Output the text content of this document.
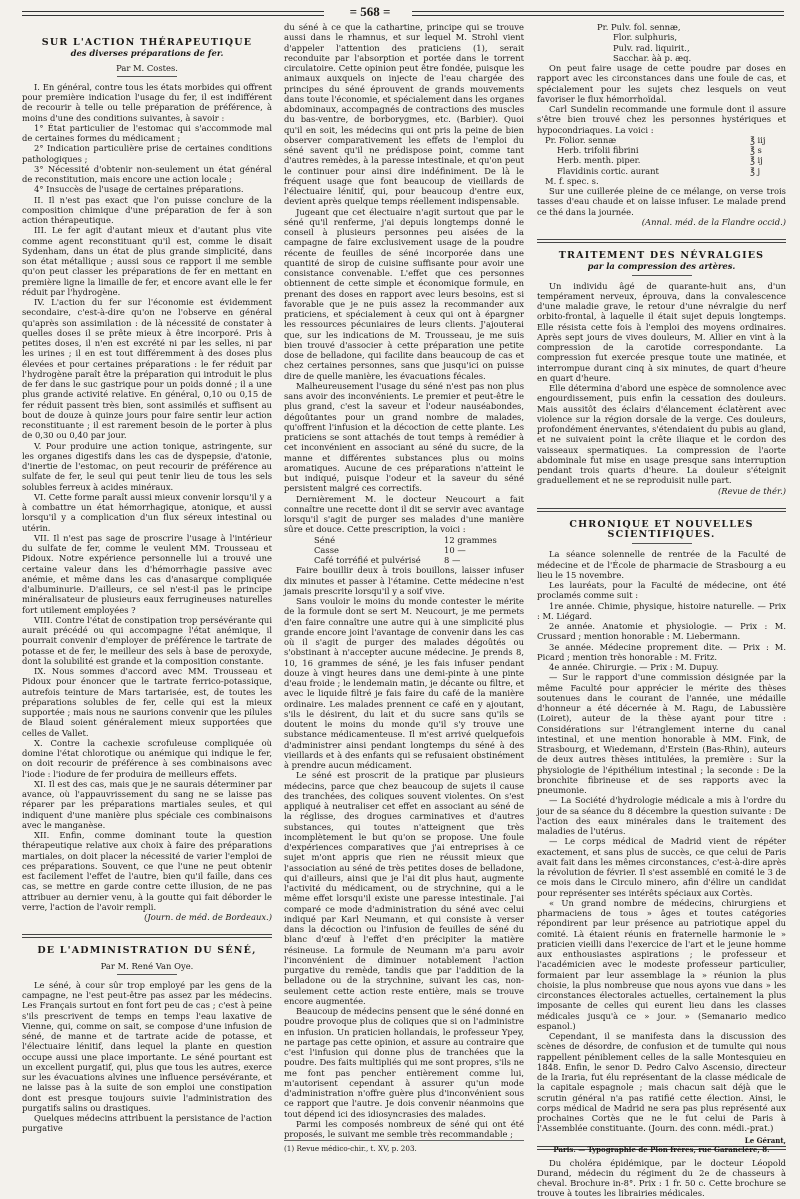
= 568 =

SUR L'ACTION THÉRAPEUTIQUE

des diverses préparations de fer.

Par M. Costes.

I. En général, contre tous les états morbides qui offrent pour première indication l'usage du fer, il est indifférent de recourir à telle ou telle préparation de préférence, à moins d'une des conditions suivantes, à savoir :

1° État particulier de l'estomac qui s'accommode mal de certaines formes du médicament ;

2° Indication particulière prise de certaines conditions pathologiques ;

3° Nécessité d'obtenir non-seulement un état général de reconstitution, mais encore une action locale ;

4° Insuccès de l'usage de certaines préparations.

II. Il n'est pas exact que l'on puisse conclure de la composition chimique d'une préparation de fer à son action thérapeutique.

III. Le fer agit d'autant mieux et d'autant plus vite comme agent reconstituant qu'il est, comme le disait Sydenham, dans un état de plus grande simplicité, dans son état métallique ; aussi sous ce rapport il me semble qu'on peut classer les préparations de fer en mettant en première ligne la limaille de fer, et encore avant elle le fer réduit par l'hydrogène.

IV. L'action du fer sur l'économie est évidemment secondaire, c'est-à-dire qu'on ne l'observe en général qu'après son assimilation : de là nécessité de constater à quelles doses il se prête mieux à être incorporé. Pris à petites doses, il n'en est excrété ni par les selles, ni par les urines ; il en est tout différemment à des doses plus élevées et pour certaines préparations : le fer réduit par l'hydrogène paraît être la préparation qui introduit le plus de fer dans le suc gastrique pour un poids donné ; il a une plus grande activité relative. En général, 0,10 ou 0,15 de fer réduit passent très bien, sont assimilés et suffisent au bout de douze à quinze jours pour faire sentir leur action reconstituante ; il est rarement besoin de le porter à plus de 0,30 ou 0,40 par jour.

V. Pour produire une action tonique, astringente, sur les organes digestifs dans les cas de dyspepsie, d'atonie, d'inertie de l'estomac, on peut recourir de préférence au sulfate de fer, le seul qui peut tenir lieu de tous les sels solubles ferreux à acides minéraux.

VI. Cette forme paraît aussi mieux convenir lorsqu'il y a à combattre un état hémorrhagique, atonique, et aussi lorsqu'il y a complication d'un flux séreux intestinal ou utérin.

VII. Il n'est pas sage de proscrire l'usage à l'intérieur du sulfate de fer, comme le veulent MM. Trousseau et Pidoux. Notre expérience personnelle lui a trouvé une certaine valeur dans les d'hémorrhagie passive avec anémie, et même dans les cas d'anasarque compliquée d'albuminurie. D'ailleurs, ce sel n'est-il pas le principe minéralisateur de plusieurs eaux ferrugineuses naturelles fort utilement employées ?

VIII. Contre l'état de constipation trop persévérante qui aurait précédé ou qui accompagne l'état anémique, il pourrait convenir d'employer de préférence le tartrate de potasse et de fer, le meilleur des sels à base de peroxyde, dont la solubilité est grande et la composition constante.

IX. Nous sommes d'accord avec MM. Trousseau et Pidoux pour énoncer que le tartrate ferrico-potassique, autrefois teinture de Mars tartarisée, est, de toutes les préparations solubles de fer, celle qui est la mieux supportée ; mais nous ne saurions convenir que les pilules de Blaud soient généralement mieux supportées que celles de Vallet.

X. Contre la cachexie scrofuleuse compliquée où domine l'état chlorotique ou anémique qui indique le fer, on doit recourir de préférence à ses combinaisons avec l'iode : l'iodure de fer produira de meilleurs effets.

XI. Il est des cas, mais que je ne saurais déterminer par avance, où l'appauvrissement du sang ne se laisse pas réparer par les préparations martiales seules, et qui indiquent d'une manière plus spéciale ces combinaisons avec le manganèse.

XII. Enfin, comme dominant toute la question thérapeutique relative aux choix à faire des préparations martiales, on doit placer la nécessité de varier l'emploi de ces préparations. Souvent, ce que l'une ne peut obtenir est facilement l'effet de l'autre, bien qu'il faille, dans ces cas, se mettre en garde contre cette illusion, de ne pas attribuer au dernier venu, à la goutte qui fait déborder le verre, l'action de l'avoir rempli.

(Journ. de méd. de Bordeaux.)

DE L'ADMINISTRATION DU SÉNÉ,

Par M. René Van Oye.

Le séné, à cour sûr trop employé par les gens de la campagne, ne l'est peut-être pas assez par les médecins. Les Français surtout en font fort peu de cas ; c'est à peine s'ils prescrivent de temps en temps l'eau laxative de Vienne, qui, comme on sait, se compose d'une infusion de séné, de manne et de tartrate acide de potasse, et l'électuaire lénitif, dans lequel la plante en question occupe aussi une place importante. Le séné pourtant est un excellent purgatif, qui, plus que tous les autres, exerce sur les évacuations alvines une influence persévérante, et ne laisse pas à la suite de son emploi une constipation dont est presque toujours suivie l'administration des purgatifs salins ou drastiques.

Quelques médecins attribuent la persistance de l'action purgative

du séné à ce que la cathartine, principe qui se trouve aussi dans le rhamnus, et sur lequel M. Strohl vient d'appeler l'attention des praticiens (1), serait reconduite par l'absorption et portée dans le torrent circulatoire. Cette opinion peut être fondée, puisque les animaux auxquels on injecte de l'eau chargée des principes du séné éprouvent de grands mouvements dans toute l'économie, et spécialement dans les organes abdominaux, accompagnés de contractions des muscles du bas-ventre, de borborygmes, etc. (Barbier). Quoi qu'il en soit, les médecins qui ont pris la peine de bien observer comparativement les effets de l'emploi du séné savent qu'il ne prédispose point, comme tant d'autres remèdes, à la paresse intestinale, et qu'on peut le continuer pour ainsi dire indéfiniment. De là le fréquent usage que font beaucoup de vieillards de l'électuaire lénitif, qui, pour beaucoup d'entre eux, devient après quelque temps réellement indispensable.

Jugeant que cet électuaire n'agit surtout que par le séné qu'il renferme, j'ai depuis longtemps donné le conseil à plusieurs personnes peu aisées de la campagne de faire exclusivement usage de la poudre récente de feuilles de séné incorporée dans une quantité de sirop de cuisine suffisante pour avoir une consistance convenable. L'effet que ces personnes obtiennent de cette simple et économique formule, en prenant des doses en rapport avec leurs besoins, est si favorable que je ne puis assez la recommander aux praticiens, et spécialement à ceux qui ont à épargner les ressources pécuniaires de leurs clients. J'ajouterai que, sur les indications de M. Trousseau, je me suis bien trouvé d'associer à cette préparation une petite dose de belladone, qui facilite dans beaucoup de cas et chez certaines personnes, sans que jusqu'ici on puisse dire de quelle manière, les évacuations fécales.

Malheureusement l'usage du séné n'est pas non plus sans avoir des inconvénients. Le premier et peut-être le plus grand, c'est la saveur et l'odeur nauséabondes, dégoûtantes pour un grand nombre de malades, qu'offrent l'infusion et la décoction de cette plante. Les praticiens se sont attachés de tout temps à remédier à cet inconvénient en associant au séné du sucre, de la manne et différentes substances plus ou moins aromatiques. Aucune de ces préparations n'atteint le but indiqué, puisque l'odeur et la saveur du séné persistent malgré ces correctifs.

Dernièrement M. le docteur Neucourt a fait connaître une recette dont il dit se servir avec avantage lorsqu'il s'agit de purger ses malades d'une manière sûre et douce. Cette prescription, la voici :

Séné	12 grammes
Casse	10 —
Café torréfié et pulvérisé	8 —

Faire bouillir deux à trois bouillons, laisser infuser dix minutes et passer à l'étamine. Cette médecine n'est jamais prescrite lorsqu'il y a soif vive.

Sans vouloir le moins du monde contester le mérite de la formule dont se sert M. Neucourt, je me permets d'en faire connaître une autre qui à une simplicité plus grande encore joint l'avantage de convenir dans les cas où il s'agit de purger des malades dégoûtés ou s'obstinant à n'accepter aucune médecine. Je prends 8, 10, 16 grammes de séné, je les fais infuser pendant douze à vingt heures dans une demi-pinte à une pinte d'eau froide ; le lendemain matin, je décante ou filtre, et avec le liquide filtré je fais faire du café de la manière ordinaire. Les malades prennent ce café en y ajoutant, s'ils le désirent, du lait et du sucre sans qu'ils se doutent le moins du monde qu'il s'y trouve une substance médicamenteuse. Il m'est arrivé quelquefois d'administrer ainsi pendant longtemps du séné à des vieillards et à des enfants qui se refusaient obstinément à prendre aucun médicament.

Le séné est proscrit de la pratique par plusieurs médecins, parce que chez beaucoup de sujets il cause des tranchées, des coliques souvent violentes. On s'est appliqué à neutraliser cet effet en associant au séné de la réglisse, des drogues carminatives et d'autres substances, qui toutes n'atteignent que très incomplètement le but qu'on se propose. Une foule d'expériences comparatives que j'ai entreprises à ce sujet m'ont appris que rien ne réussit mieux que l'association au séné de très petites doses de belladone, qui d'ailleurs, ainsi que je l'ai dit plus haut, augmente l'activité du médicament, ou de strychnine, qui a le même effet lorsqu'il existe une paresse intestinale. J'ai comparé ce mode d'administration du séné avec celui indiqué par Karl Neumann, et qui consiste à verser dans la décoction ou l'infusion de feuilles de séné du blanc d'œuf à l'effet d'en précipiter la matière résineuse. La formule de Neumann m'a paru avoir l'inconvénient de diminuer notablement l'action purgative du remède, tandis que par l'addition de la belladone ou de la strychnine, suivant les cas, non-seulement cette action reste entière, mais se trouve encore augmentée.

Beaucoup de médecins pensent que le séné donné en poudre provoque plus de coliques que si on l'administre en infusion. Un praticien hollandais, le professeur Ypey, ne partage pas cette opinion, et assure au contraire que c'est l'infusion qui donne plus de tranchées que la poudre. Des faits multipliés qui me sont propres, s'ils ne me font pas pencher entièrement comme lui, m'autorisent cependant à assurer qu'un mode d'administration n'offre guère plus d'inconvénient sous ce rapport que l'autre. Je dois convenir néanmoins que tout dépend ici des idiosyncrasies des malades.

Parmi les composés nombreux de séné qui ont été proposés, le suivant me semble très recommandable ;

(1) Revue médico-chir., t. XV, p. 203.
Pr. Pulv. fol. sennæ,
Flor. sulphuris,
Pulv. rad. liquirit.,
Sacchar. àà p. æq.

On peut faire usage de cette poudre par doses en rapport avec les circonstances dans une foule de cas, et spécialement pour les sujets chez lesquels on veut favoriser le flux hémorrhoïdal.

Carl Sundelin recommande une formule dont il assure s'être bien trouvé chez les personnes hystériques et hypocondriaques. La voici :

Pr. Folior. sennæ	℥ iij
Herb. trifolii fibrini	℥ s
Herb. menth. piper.	℥ ij
Flavidinis cortic. aurant	℥ j
M. f. spec. s.

Sur une cuillerée pleine de ce mélange, on verse trois tasses d'eau chaude et on laisse infuser. Le malade prend ce thé dans la journée.

(Annal. méd. de la Flandre occid.)

TRAITEMENT DES NÉVRALGIES

par la compression des artères.

Un individu âgé de quarante-huit ans, d'un tempérament nerveux, éprouva, dans la convalescence d'une maladie grave, le retour d'une névralgie du nerf orbito-frontal, à laquelle il était sujet depuis longtemps. Elle résista cette fois à l'emploi des moyens ordinaires. Après sept jours de vives douleurs, M. Allier en vint à la compression de la carotide correspondante. La compression fut exercée presque toute une matinée, et interrompue durant cinq à six minutes, de quart d'heure en quart d'heure.

Elle détermina d'abord une espèce de somnolence avec engourdissement, puis enfin la cessation des douleurs. Mais aussitôt des éclairs d'élancement éclatèrent avec violence sur la région dorsale de la verge. Ces douleurs, profondément énervantes, s'étendaient du pubis au gland, et ne suivaient point la crête iliaque et le cordon des vaisseaux spermatiques. La compression de l'aorte abdominale fut mise en usage presque sans interruption pendant trois quarts d'heure. La douleur s'éteignit graduellement et ne se reproduisit nulle part.

(Revue de thér.)

CHRONIQUE ET NOUVELLES SCIENTIFIQUES.

La séance solennelle de rentrée de la Faculté de médecine et de l'École de pharmacie de Strasbourg a eu lieu le 15 novembre.

Les lauréats, pour la Faculté de médecine, ont été proclamés comme suit :

1re année. Chimie, physique, histoire naturelle. — Prix : M. Liégard.

2e année. Anatomie et physiologie. — Prix : M. Crussard ; mention honorable : M. Liebermann.

3e année. Médecine proprement dite. — Prix : M. Picard ; mention très honorable : M. Fritz.

4e année. Chirurgie. — Prix : M. Dupuy.

— Sur le rapport d'une commission désignée par la même Faculté pour apprécier le mérite des thèses soutenues dans le courant de l'année, une médaille d'honneur a été décernée à M. Ragu, de Labussière (Loiret), auteur de la thèse ayant pour titre : Considérations sur l'étranglement interne du canal intestinal, et une mention honorable à MM. Fink, de Strasbourg, et Wiedemann, d'Erstein (Bas-Rhin), auteurs de deux autres thèses intitulées, la première : Sur la physiologie de l'épithélium intestinal ; la seconde : De la bronchite fibrineuse et de ses rapports avec la pneumonie.

— La Société d'hydrologie médicale a mis à l'ordre du jour de sa séance du 8 décembre la question suivante : De l'action des eaux minérales dans le traitement des maladies de l'utérus.

— Le corps médical de Madrid vient de répéter exactement, et sans plus de succès, ce que celui de Paris avait fait dans les mêmes circonstances, c'est-à-dire après la révolution de février. Il s'est assemblé en comité le 3 de ce mois dans le Circulo minero, afin d'élire un candidat pour représenter ses intérêts spéciaux aux Cortès.

« Un grand nombre de médecins, chirurgiens et pharmaciens de tous » âges et toutes catégories répondirent par leur présence au patriotique appel du comité. Là étaient réunis en fraternelle harmonie le » praticien vieilli dans l'exercice de l'art et le jeune homme aux enthousiastes aspirations ; le professeur et l'académicien avec le modeste professeur particulier, formaient par leur assemblage la » réunion la plus choisie, la plus nombreuse que nous ayons vue dans » les circonstances électorales actuelles, certainement la plus imposante de celles qui eurent lieu dans les classes médicales jusqu'à ce » jour. » (Semanario medico espanol.)

Cependant, il se manifesta dans la discussion des scènes de désordre, de confusion et de tumulte qui nous rappellent péniblement celles de la salle Montesquieu en 1848. Enfin, le senor D. Pedro Calvo Ascensio, directeur de la Iraria, fut élu représentant de la classe médicale de la capitale espagnole ; mais chacun sait déjà que le scrutin général n'a pas ratifié cette élection. Ainsi, le corps médical de Madrid ne sera pas plus représenté aux prochaines Cortès que ne le fut celui de Paris à l'Assemblée constituante. (Journ. des conn. médi.-prat.)

Du choléra épidémique, par le docteur Léopold Durand, médecin du régiment du 2e de chasseurs à cheval. Brochure in-8°. Prix : 1 fr. 50 c. Cette brochure se trouve à toutes les librairies médicales.

Le Gérant,
Paris. — Typographie de Plon frères, rue Garancière, 8.
